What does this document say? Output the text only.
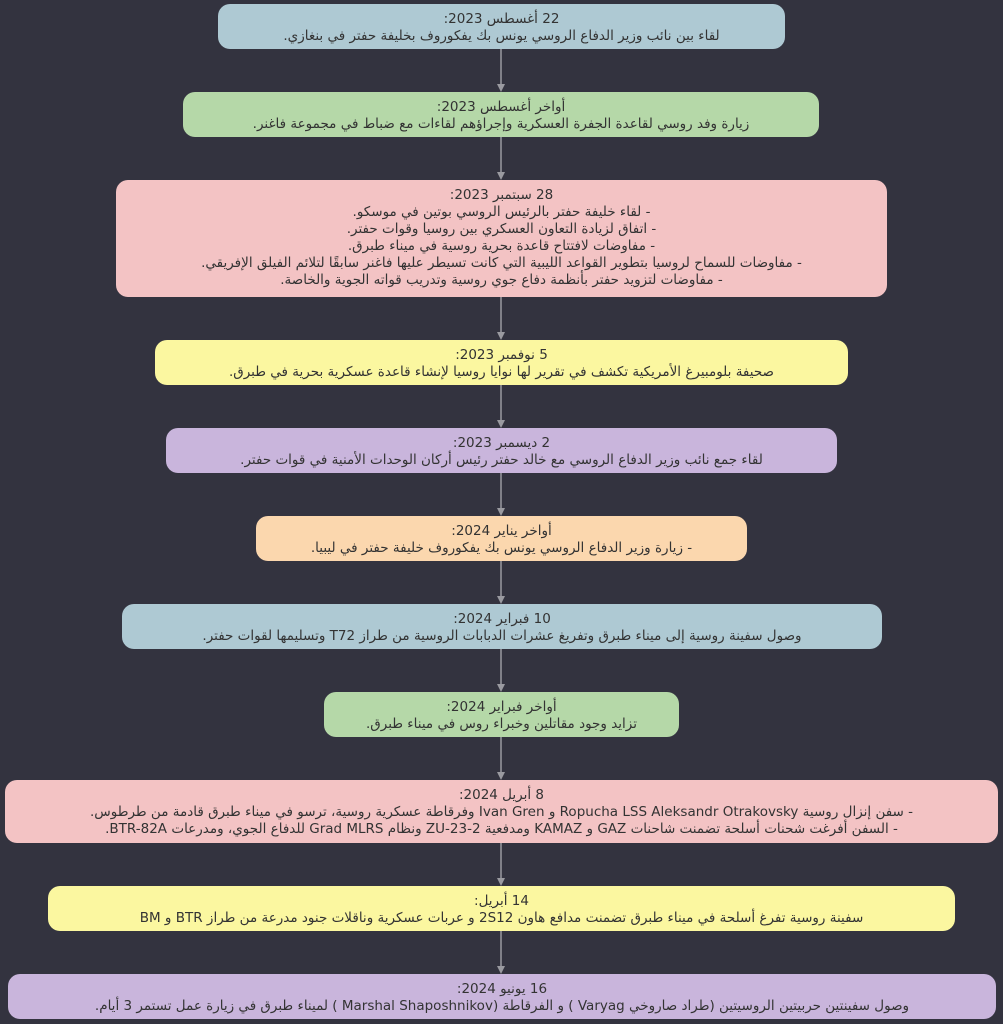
22 أغسطس 2023:
لقاء بين نائب وزير الدفاع الروسي يونس بك يفكوروف بخليفة حفتر في بنغازي.
أواخر أغسطس 2023:
زيارة وفد روسي لقاعدة الجفرة العسكرية وإجراؤهم لقاءات مع ضباط في مجموعة فاغنر.
28 سبتمبر 2023:
- لقاء خليفة حفتر بالرئيس الروسي بوتين في موسكو.
- اتفاق لزيادة التعاون العسكري بين روسيا وقوات حفتر.
- مفاوضات لافتتاح قاعدة بحرية روسية في ميناء طبرق.
- مفاوضات للسماح لروسيا بتطوير القواعد الليبية التي كانت تسيطر عليها فاغنر سابقًا لتلائم الفيلق الإفريقي.
- مفاوضات لتزويد حفتر بأنظمة دفاع جوي روسية وتدريب قواته الجوية والخاصة.
5 نوفمبر 2023:
صحيفة بلومبيرغ الأمريكية تكشف في تقرير لها نوايا روسيا لإنشاء قاعدة عسكرية بحرية في طبرق.
2 ديسمبر 2023:
لقاء جمع نائب وزير الدفاع الروسي مع خالد حفتر رئيس أركان الوحدات الأمنية في قوات حفتر.
أواخر يناير 2024:
- زيارة وزير الدفاع الروسي يونس بك يفكوروف خليفة حفتر في ليبيا.
10 فبراير 2024:
وصول سفينة روسية إلى ميناء طبرق وتفريغ عشرات الدبابات الروسية من طراز T72 وتسليمها لقوات حفتر.
أواخر فبراير 2024:
تزايد وجود مقاتلين وخبراء روس في ميناء طبرق.
8 أبريل 2024:
- سفن إنزال روسية Ropucha LSS Aleksandr Otrakovsky و Ivan Gren وفرقاطة عسكرية روسية، ترسو في ميناء طبرق قادمة من طرطوس.
- السفن أفرغت شحنات أسلحة تضمنت شاحنات GAZ و KAMAZ ومدفعية ZU-23-2 ونظام Grad MLRS للدفاع الجوي، ومدرعات BTR-82A.
14 أبريل:
سفينة روسية تفرغ أسلحة في ميناء طبرق تضمنت مدافع هاون 2S12 و عربات عسكرية وناقلات جنود مدرعة من طراز BTR و BM
16 يونيو 2024:
وصول سفينتين حربيتين الروسيتين (طراد صاروخي Varyag ) و الفرقاطة (Marshal Shaposhnikov ) لميناء طبرق في زيارة عمل تستمر 3 أيام.
